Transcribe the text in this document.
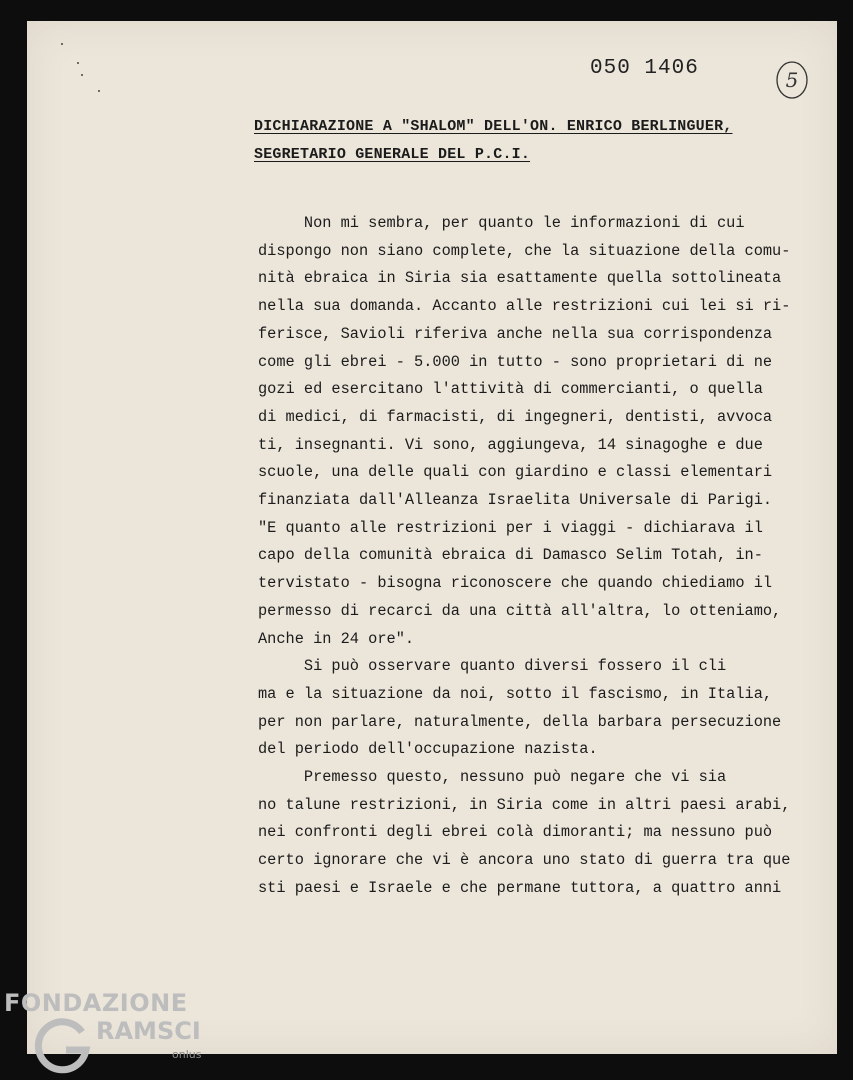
050 1406	5
DICHIARAZIONE A "SHALOM" DELL'ON. ENRICO BERLINGUER,
SEGRETARIO GENERALE DEL P.C.I.
Non mi sembra, per quanto le informazioni di cui
dispongo non siano complete, che la situazione della comu-
nità ebraica in Siria sia esattamente quella sottolineata
nella sua domanda. Accanto alle restrizioni cui lei si ri-
ferisce, Savioli riferiva anche nella sua corrispondenza
come gli ebrei - 5.000 in tutto - sono proprietari di ne
gozi ed esercitano l'attività di commercianti, o quella
di medici, di farmacisti, di ingegneri, dentisti, avvoca
ti, insegnanti. Vi sono, aggiungeva, 14 sinagoghe e due
scuole, una delle quali con giardino e classi elementari
finanziata dall'Alleanza Israelita Universale di Parigi.
"E quanto alle restrizioni per i viaggi - dichiarava il
capo della comunità ebraica di Damasco Selim Totah, in-
tervistato - bisogna riconoscere che quando chiediamo il
permesso di recarci da una città all'altra, lo otteniamo,
Anche in 24 ore".
Si può osservare quanto diversi fossero il cli
ma e la situazione da noi, sotto il fascismo, in Italia,
per non parlare, naturalmente, della barbara persecuzione
del periodo dell'occupazione nazista.
Premesso questo, nessuno può negare che vi sia
no talune restrizioni, in Siria come in altri paesi arabi,
nei confronti degli ebrei colà dimoranti; ma nessuno può
certo ignorare che vi è ancora uno stato di guerra tra que
sti paesi e Israele e che permane tuttora, a quattro anni
FONDAZIONE
RAMSCI
onlus
